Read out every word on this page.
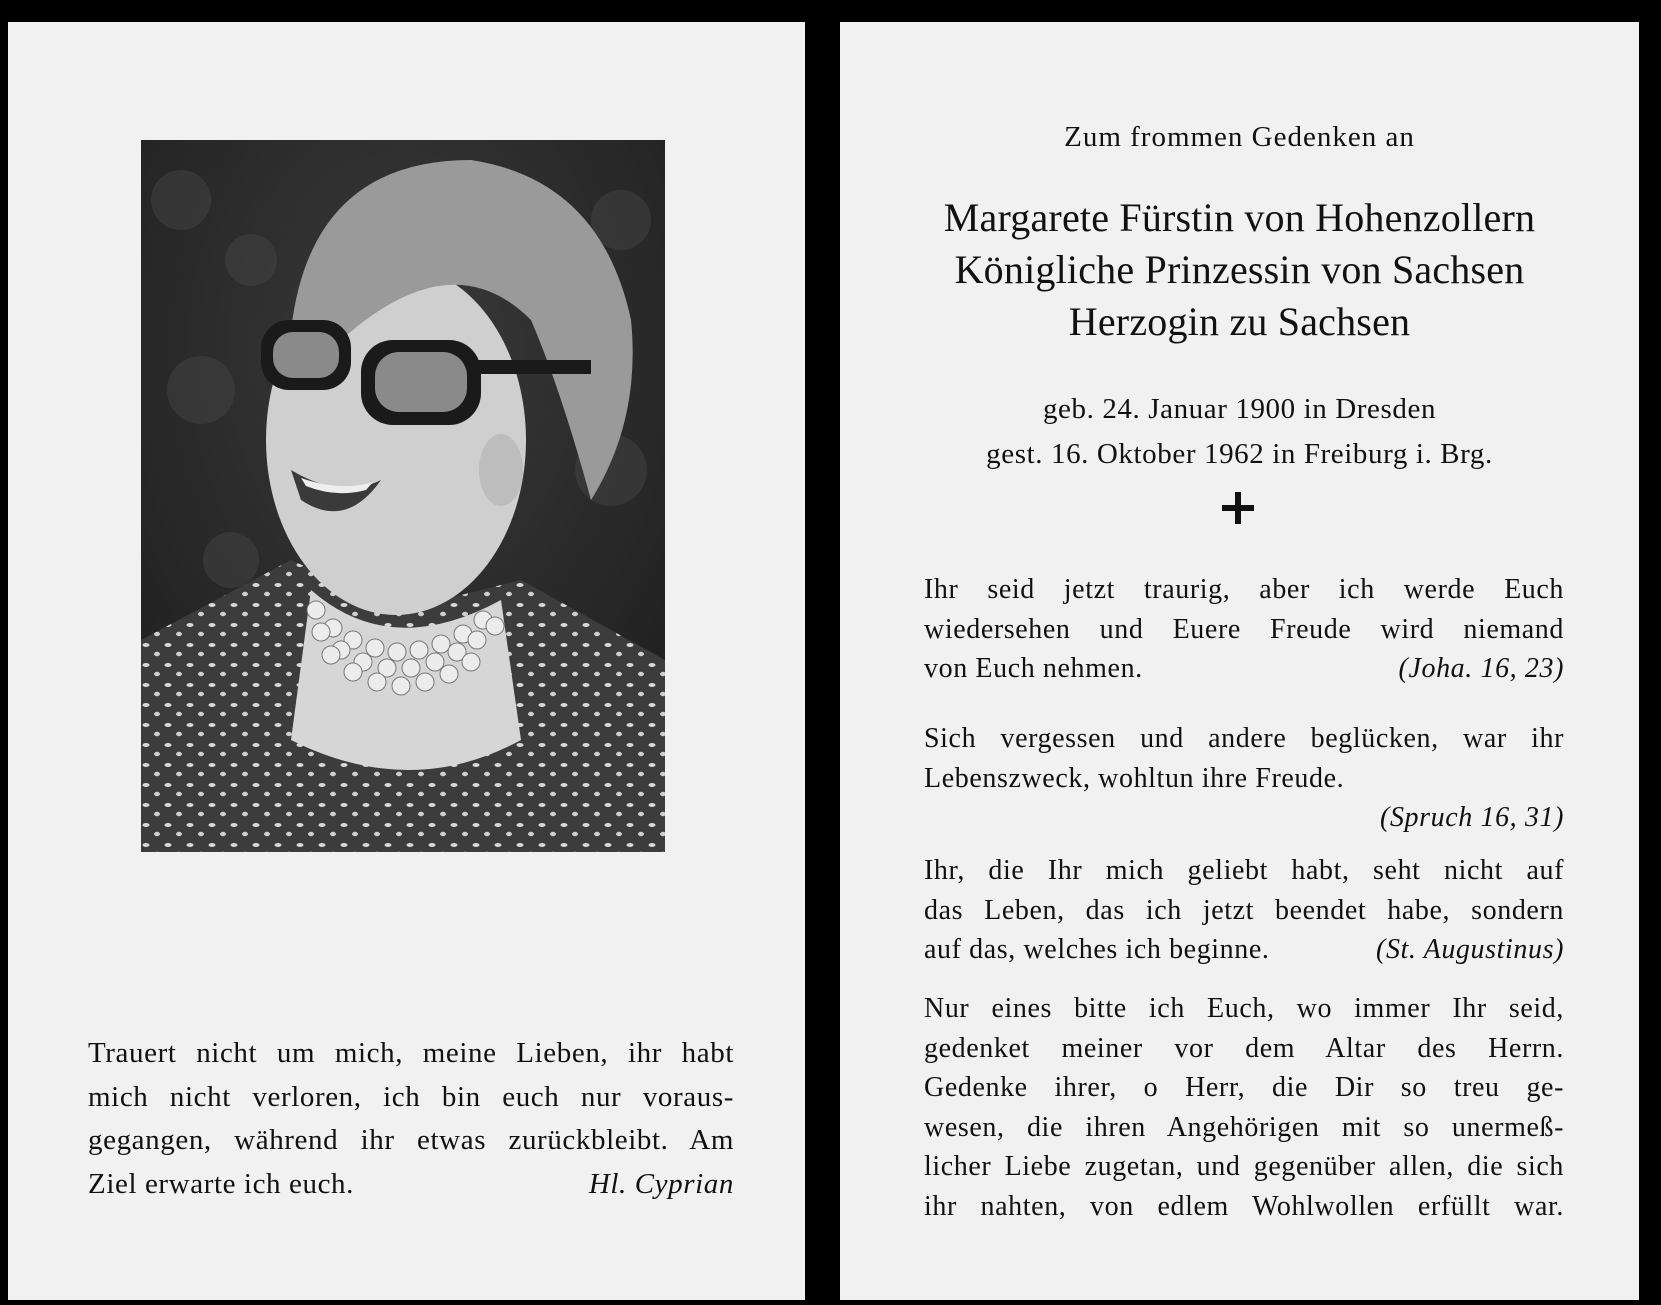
Trauert nicht um mich, meine Lieben, ihr habt
mich nicht verloren, ich bin euch nur voraus-
gegangen, während ihr etwas zurückbleibt. Am
Ziel erwarte ich euch.	Hl. Cyprian
Zum frommen Gedenken an
Margarete Fürstin von Hohenzollern
Königliche Prinzessin von Sachsen
Herzogin zu Sachsen
geb. 24. Januar 1900 in Dresden
gest. 16. Oktober 1962 in Freiburg i. Brg.
Ihr seid jetzt traurig, aber ich werde Euch
wiedersehen und Euere Freude wird niemand
von Euch nehmen.	(Joha. 16, 23)
Sich vergessen und andere beglücken, war ihr
Lebenszweck, wohltun ihre Freude.
(Spruch 16, 31)
Ihr, die Ihr mich geliebt habt, seht nicht auf
das Leben, das ich jetzt beendet habe, sondern
auf das, welches ich beginne.	(St. Augustinus)
Nur eines bitte ich Euch, wo immer Ihr seid,
gedenket meiner vor dem Altar des Herrn.
Gedenke ihrer, o Herr, die Dir so treu ge-
wesen, die ihren Angehörigen mit so unermeß-
licher Liebe zugetan, und gegenüber allen, die sich
ihr nahten, von edlem Wohlwollen erfüllt war.
